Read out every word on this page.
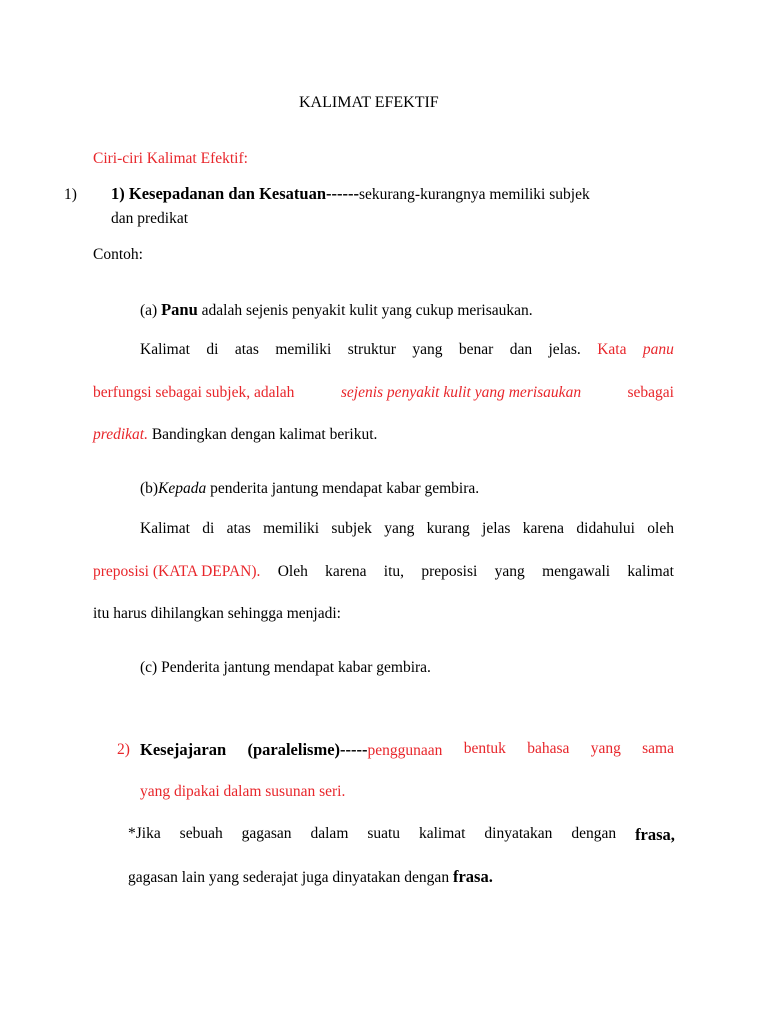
KALIMAT EFEKTIF
Ciri-ciri Kalimat Efektif:
1) 1) Kesepadanan dan Kesatuan------sekurang-kurangnya memiliki subjek
dan predikat
Contoh:
(a) Panu adalah sejenis penyakit kulit yang cukup merisaukan.
Kalimat di atas memiliki struktur yang benar dan jelas. Kata panu
berfungsi sebagai subjek, adalah	sejenis penyakit kulit yang merisaukan	sebagai
predikat. Bandingkan dengan kalimat berikut.
(b)Kepada penderita jantung mendapat kabar gembira.
Kalimat di atas memiliki subjek yang kurang jelas karena didahului oleh
preposisi (KATA DEPAN). Oleh karena itu, preposisi yang mengawali kalimat
itu harus dihilangkan sehingga menjadi:
(c) Penderita jantung mendapat kabar gembira.
2) Kesejajaran (paralelisme)-----penggunaan bentuk bahasa yang sama
yang dipakai dalam susunan seri.
*Jika sebuah gagasan dalam suatu kalimat dinyatakan dengan frasa,
gagasan lain yang sederajat juga dinyatakan dengan frasa.
